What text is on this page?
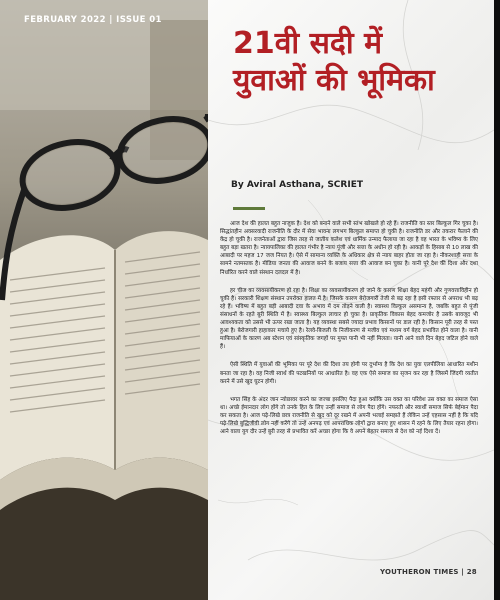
FEBRUARY 2022 | ISSUE 01
21वी सदी में युवाओं की भूमिका
By Aviral Asthana, SCRIET

आज देश की हालत बहुत नाजुक है। देश को बनाने वाले सभी स्तंभ खोखले हो रहे हैं। राजनीति का स्तर बिल्कुल गिर चुका है। सिद्धांतहीन अवसरवादी राजनीति के दौर में सेवा भावना लगभग बिल्कुल समाप्त हो चुकी है। राजनीति डर और तकरार फैलाने की केंद्र हो चुकी है। राजनेताओं द्वारा जिस तरह से जातीय कलेश एवं धार्मिक उन्माद फैलाया जा रहा है वह भारत के भविष्य के लिए बहुत बड़ा खतरा है। न्यायपालिका की हालत गंभीर है न्याय पूंजी और सत्ता के अधीन हो रही है। आकड़ों के हिसाब से 10 लाख की आबादी पर महज 17 जज नियत है। ऐसे में सामान्य व्यक्ति के अधिकार क्षेत्र से न्याय बाहर होता जा रहा है। नौकरशाही सत्ता के सामने नतमस्तक है। मीडिया जनता की आवाज बनने के बजाय सत्ता की आवाज बन चुका है। यानी पूरे देश की दिशा और दशा निर्धारित करने वाले संस्थान दलदल में है।

हर चीज का व्यवसायीकरण हो रहा है। शिक्षा का व्यवसायीकरण हो जाने के कारण शिक्षा बेहद महंगी और गुणवत्ताविहीन हो चुकी है। सरकारी शिक्षण संस्थान उपरोक्त हालत में है। जिसके कारण बेरोजगारी तेजी से बढ़ रहा है इसी रफ्तार से अपराध भी बढ़ रहे हैं। भविष्य में बहुत बड़ी आबादी दवा के अभाव में दम तोड़ने वाली है। स्वास्थ्य विल्कुल असमान्य है, जबकि बहुत से पूंजी संसाधनों के रहते बुरी स्थिति में है। स्वास्थ्य बिल्कुल लाचार हो चुका है। प्राकृतिक विकास बेहद कमजोर है उसके बावजूद भी आवश्यकता को उससे भी ऊपर रखा जाता है। यह व्यवस्था सबसे ज्यादा प्रभाव किसानों पर डाल रही है। किसान पूरी तरह से पस्त हुआ है। बेरोजगारी हाहाकार मचाये हुए है। रेलवे-बिजली के निजीकरण से मजीव एवं मध्यम वर्ग बेहद प्रभावित होने वाला है। यानी माफियाओं के कारण अब स्टेशन एवं सांस्कृतिक जगहों पर मुफ्त पानी भी नहीं मिलता। यानी आने वाले दिन बेहद जटिल होने वाले हैं।

ऐसी स्थिति में युवाओं की भूमिका पर पूरे देश की दिशा तय होगी पर दुर्भाग्य है कि देश का युवा एलपीलिया आधारित मशीन बनता जा रहा है। वह निजी स्वार्थ की पटखनियों पर आधारित है। वह एक ऐसे समाज का सृजन कर रहा है जिसमें जिंदगी व्यतीत करने में उसे खुद घुटन होगी।

भगत सिंह के अंदर जान न्योछावर करने का जज्बा इसलिए पैदा हुआ क्योंकि उस वक्त का परिवेश उस वक्त का समाज ऐसा था। अच्छे ईमानदार लोग होंगे तो उनके हित के लिए उन्हीं समाज से लोग पैदा होंगे। नफरती और स्वार्थी समाज सिर्फ बेईमान पैदा कर सकता है। आज पढ़े-लिखे छात्र राजनीति से खुद को दूर रखने में अपनी भलाई समझते हैं लेकिन उन्हें एहसास नहीं है कि यदि पढ़े-लिखे बुद्धिजीवी लोग नहीं करेंगे तो उन्हें अनपढ़ एवं आपराधिक लोगों द्वारा बनाए हुए शासन में रहने के लिए तैयार रहना होगा। आने वाला युग दौर उन्हें बुरी तरह से प्रभावित करें अच्छा होगा कि वे अपने बेहतर समाज से देश को नई दिशा दें।

YOUTHERON TIMES | 28
